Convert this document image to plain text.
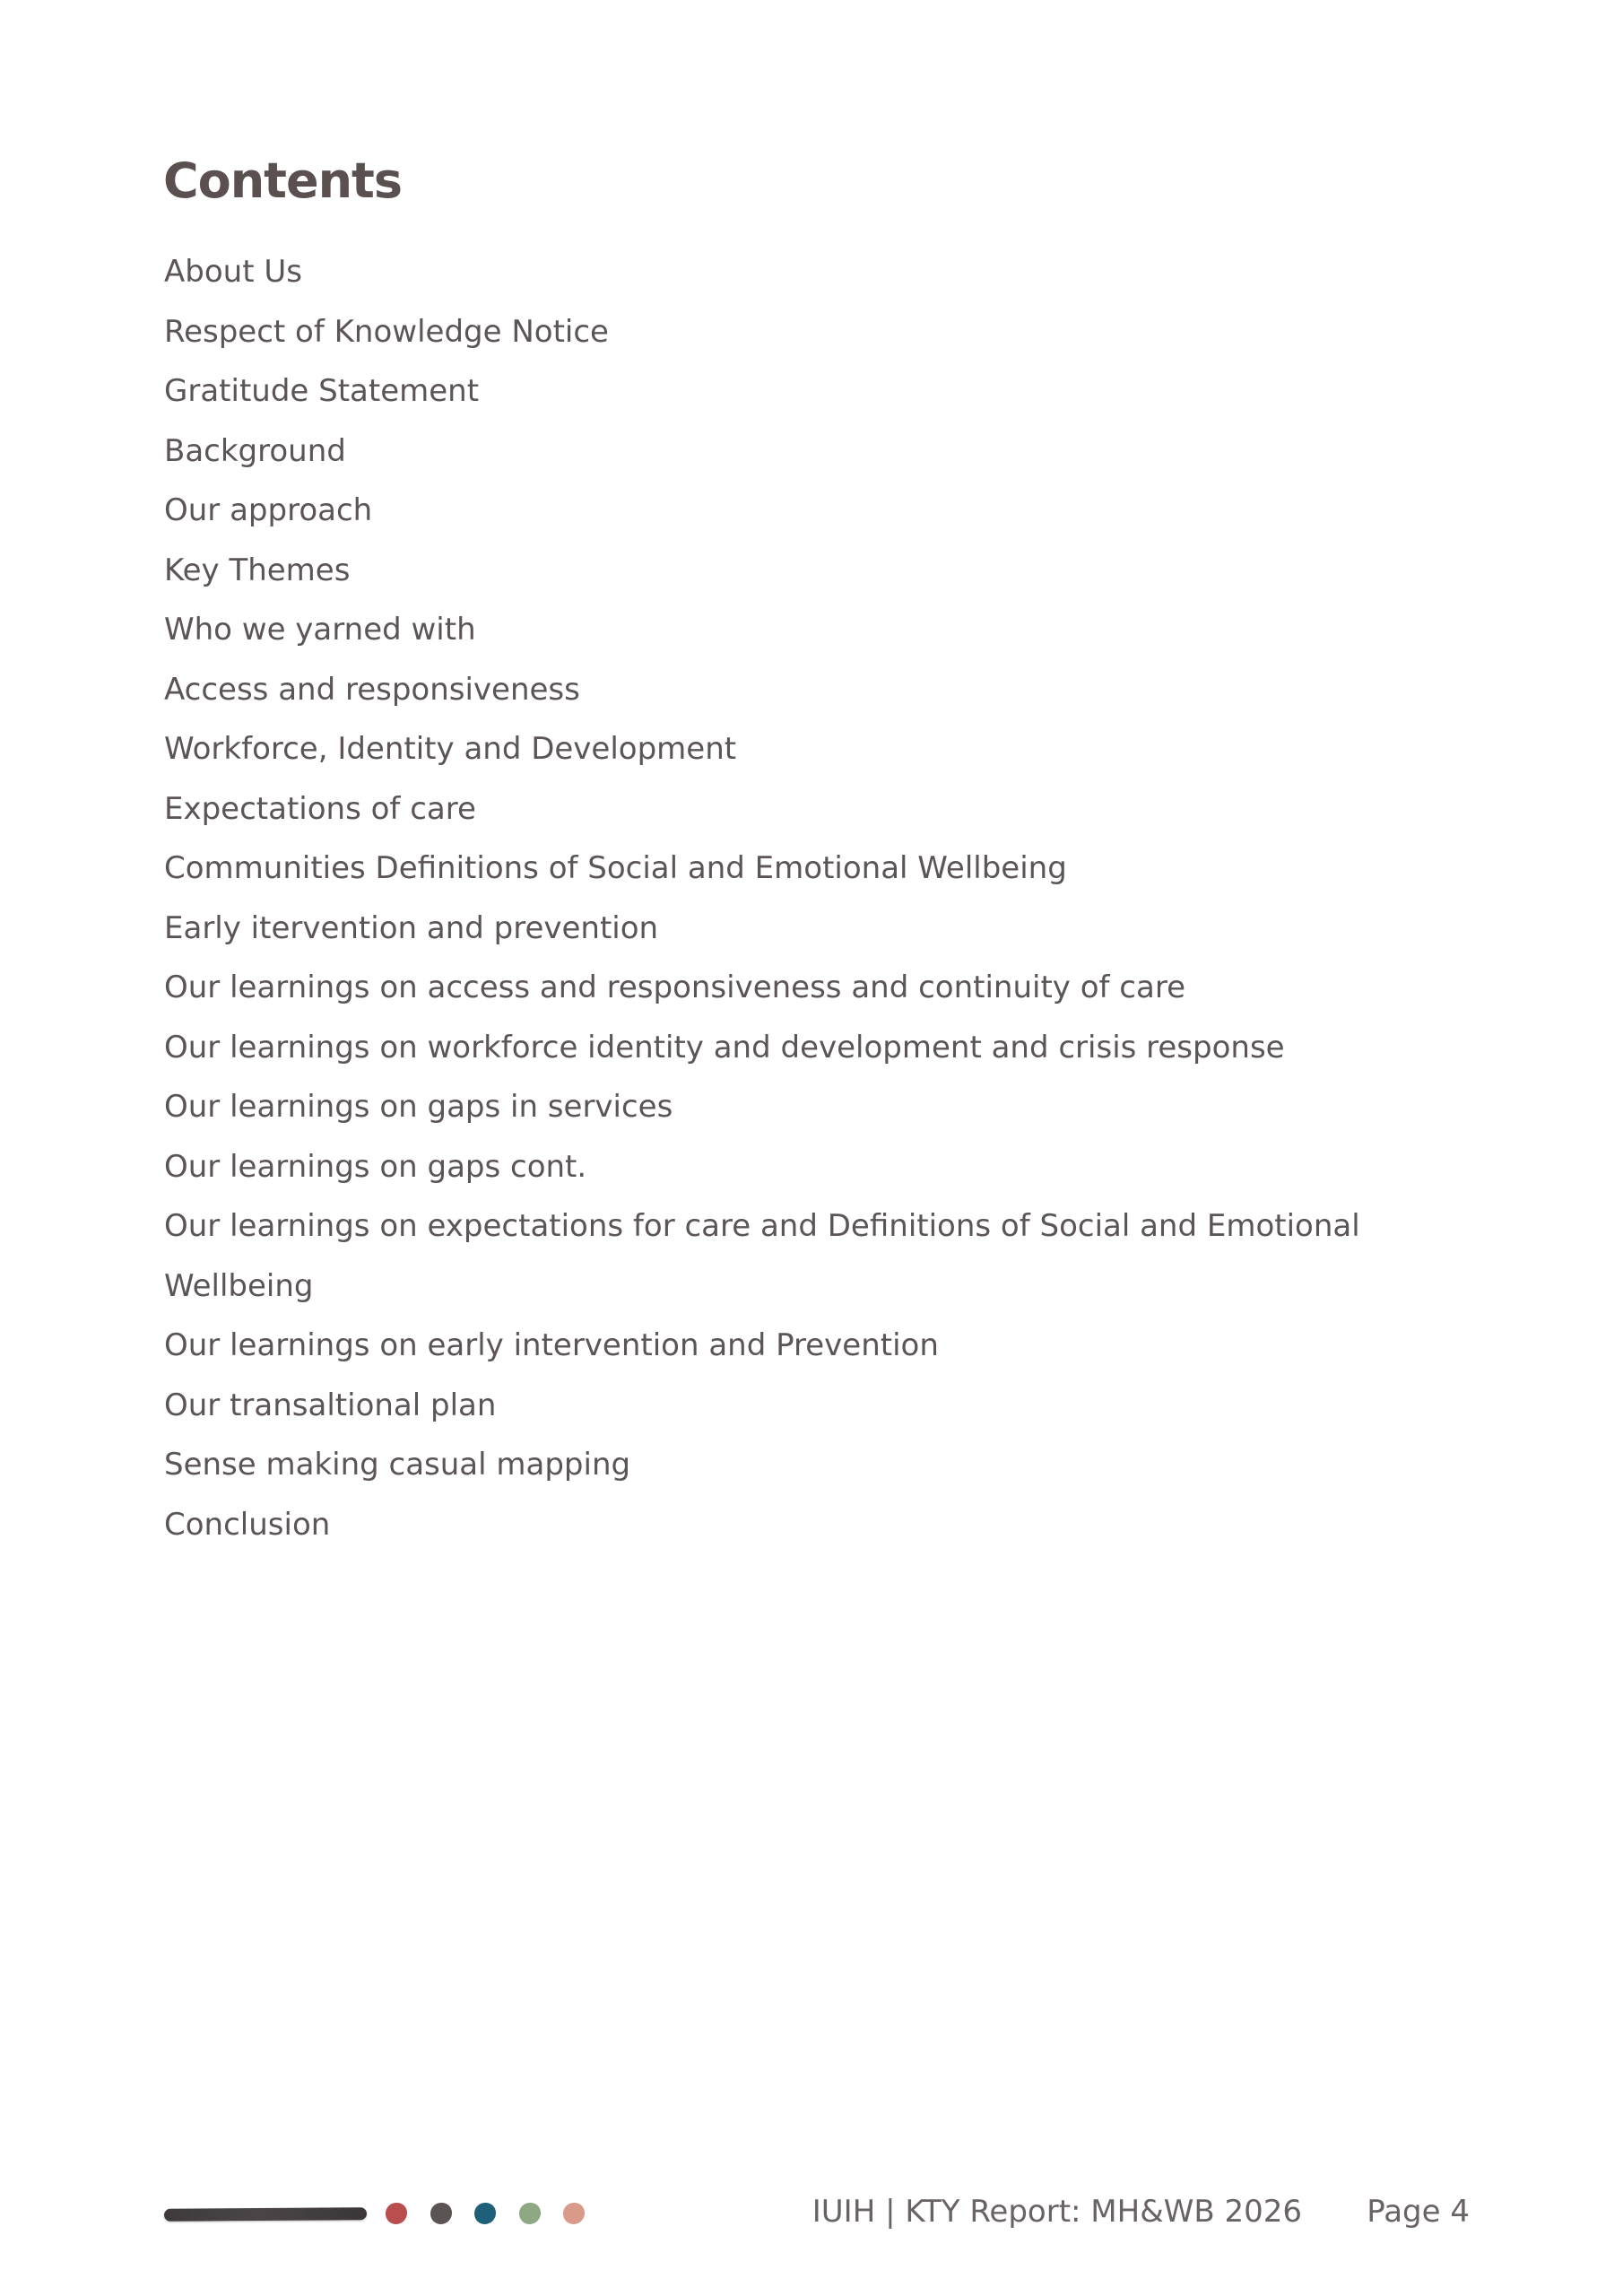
Contents
About Us
Respect of Knowledge Notice
Gratitude Statement
Background
Our approach
Key Themes
Who we yarned with
Access and responsiveness
Workforce, Identity and Development
Expectations of care
Communities Definitions of Social and Emotional Wellbeing
Early itervention and prevention
Our learnings on access and responsiveness and continuity of care
Our learnings on workforce identity and development and crisis response
Our learnings on gaps in services
Our learnings on gaps cont.
Our learnings on expectations for care and Definitions of Social and Emotional
Wellbeing
Our learnings on early intervention and Prevention
Our transaltional plan
Sense making casual mapping
Conclusion
IUIH | KTY Report: MH&WB 2026 Page 4
